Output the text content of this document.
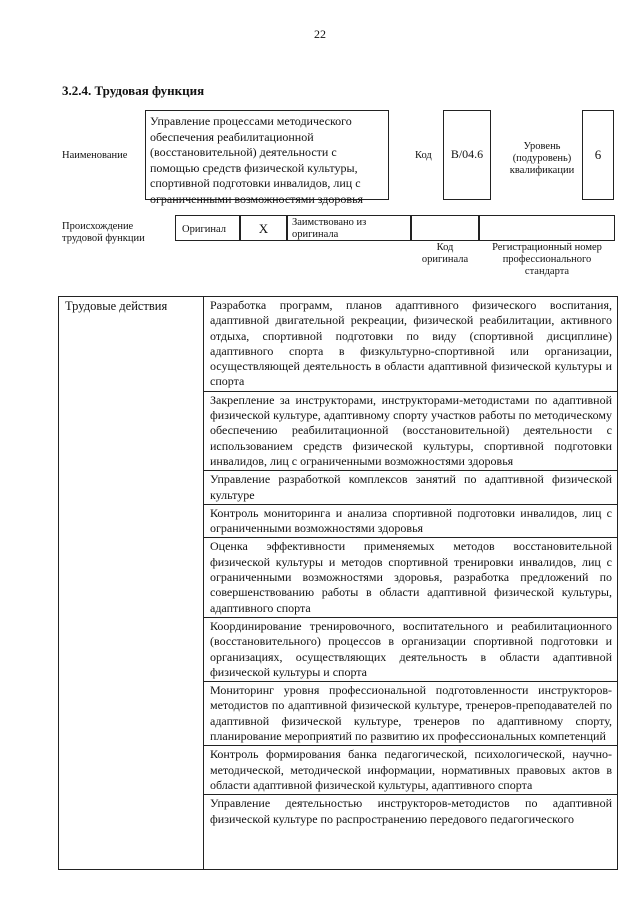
22
3.2.4. Трудовая функция
Наименование
Управление процессами методического обеспечения реабилитационной (восстановительной) деятельности с помощью средств физической культуры, спортивной подготовки инвалидов, лиц с ограниченными возможностями здоровья
Код	B/04.6
Уровень (подуровень) квалификации
6
Происхождение трудовой функции
Оригинал	X	Заимствовано из оригинала
Код оригинала
Регистрационный номер профессионального стандарта
Трудовые действия	Разработка программ, планов адаптивного физического воспитания, адаптивной двигательной рекреации, физической реабилитации, активного отдыха, спортивной подготовки по виду (спортивной дисциплине) адаптивного спорта в физкультурно-спортивной или организации, осуществляющей деятельность в области адаптивной физической культуры и спорта
Закрепление за инструкторами, инструкторами-методистами по адаптивной физической культуре, адаптивному спорту участков работы по методическому обеспечению реабилитационной (восстановительной) деятельности с использованием средств физической культуры, спортивной подготовки инвалидов, лиц с ограниченными возможностями здоровья
Управление разработкой комплексов занятий по адаптивной физической культуре
Контроль мониторинга и анализа спортивной подготовки инвалидов, лиц с ограниченными возможностями здоровья
Оценка эффективности применяемых методов восстановительной физической культуры и методов спортивной тренировки инвалидов, лиц с ограниченными возможностями здоровья, разработка предложений по совершенствованию работы в области адаптивной физической культуры, адаптивного спорта
Координирование тренировочного, воспитательного и реабилитационного (восстановительного) процессов в организации спортивной подготовки и организациях, осуществляющих деятельность в области адаптивной физической культуры и спорта
Мониторинг уровня профессиональной подготовленности инструкторов-методистов по адаптивной физической культуре, тренеров-преподавателей по адаптивной физической культуре, тренеров по адаптивному спорту, планирование мероприятий по развитию их профессиональных компетенций
Контроль формирования банка педагогической, психологической, научно-методической, методической информации, нормативных правовых актов в области адаптивной физической культуры, адаптивного спорта
Управление деятельностью инструкторов-методистов по адаптивной физической культуре по распространению передового педагогического
